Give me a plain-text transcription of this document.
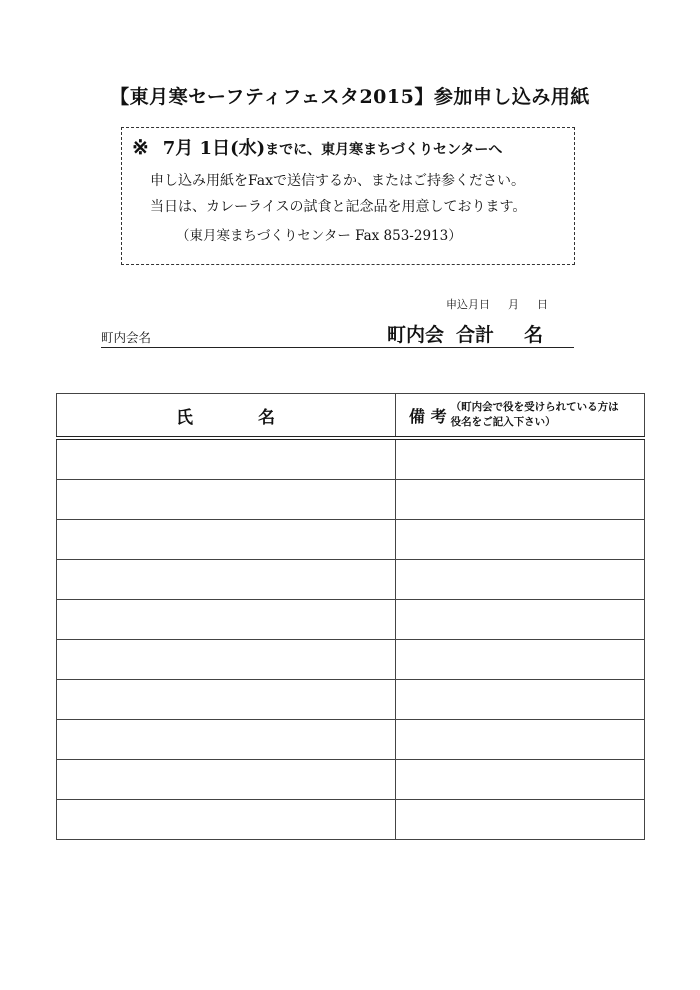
【東月寒セーフティフェスタ2015】参加申し込み用紙
※ 7月 1日(水)までに、東月寒まちづくりセンターへ
申し込み用紙をFaxで送信するか、またはご持参ください。
当日は、カレーライスの試食と記念品を用意しております。
（東月寒まちづくりセンター Fax 853-2913）
申込月日 月 日
町内会名	町内会 合計 名
氏 名	備 考 （町内会で役を受けられている方は役名をご記入下さい）
